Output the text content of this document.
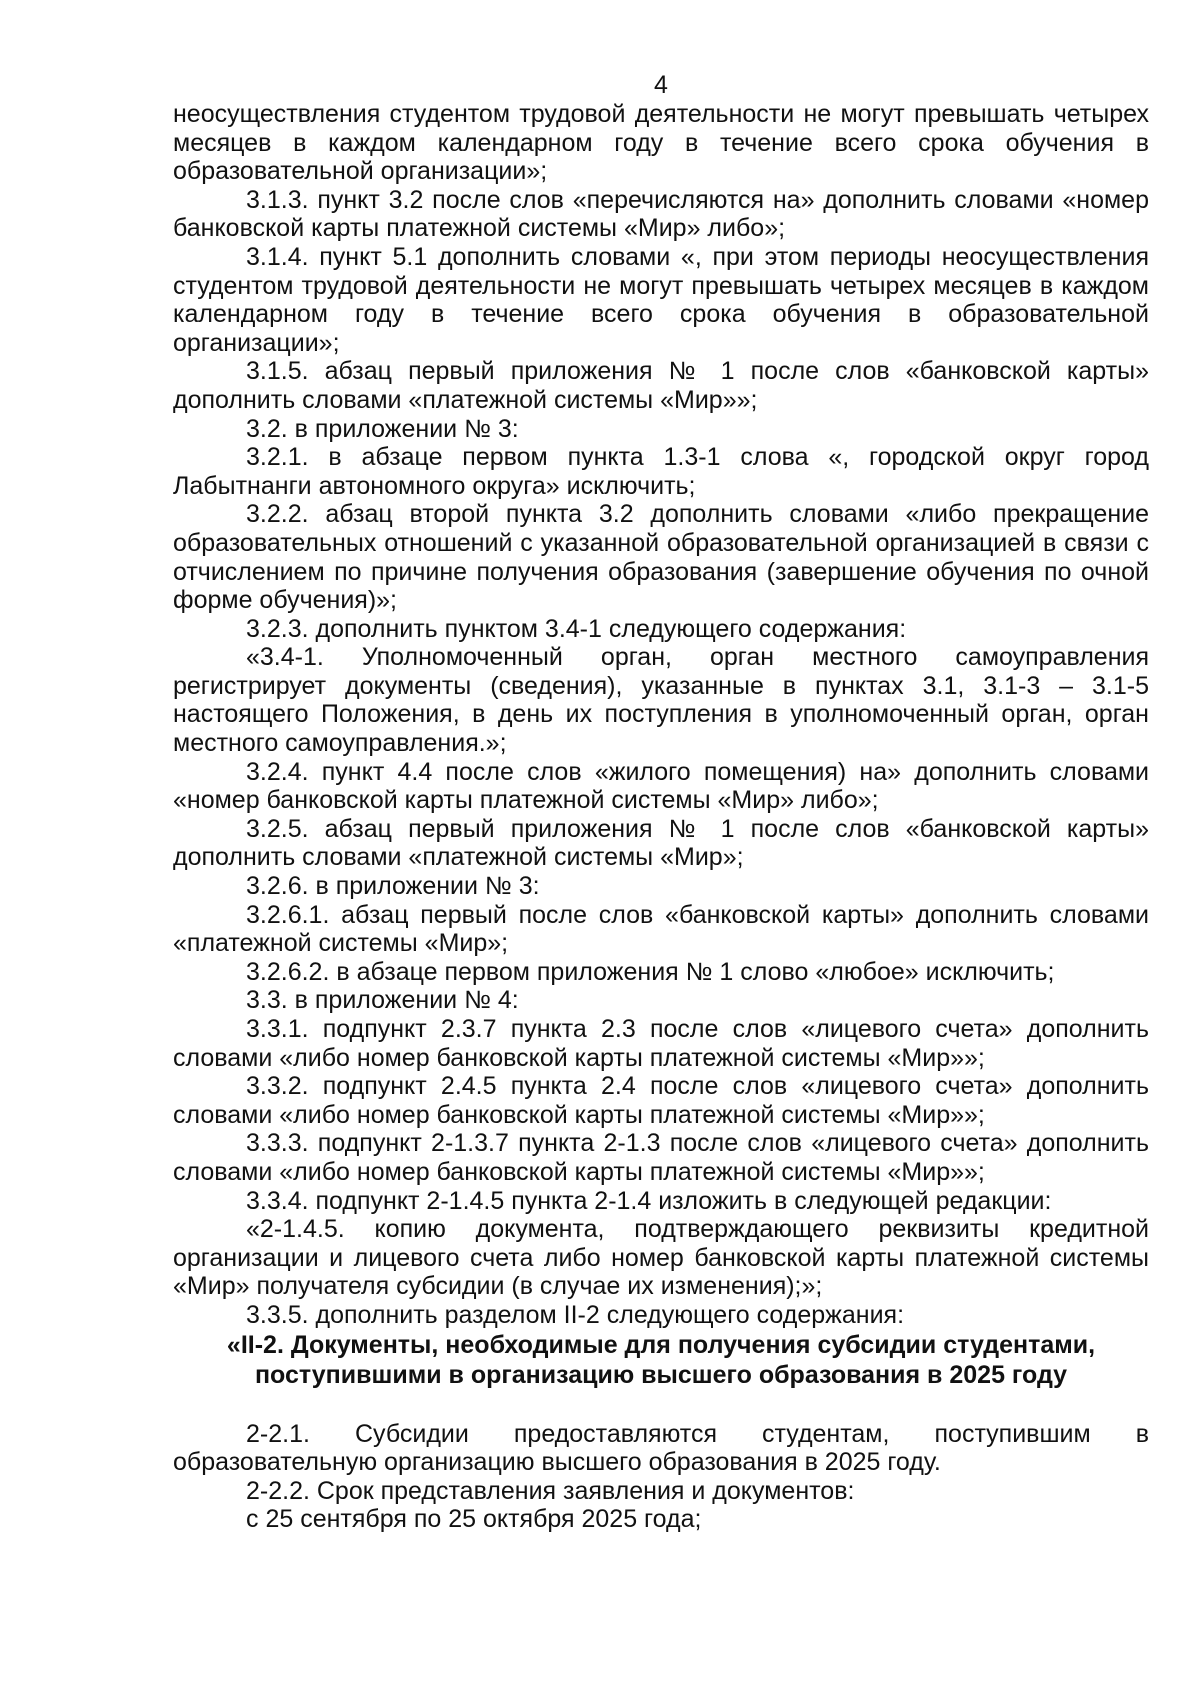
4

неосуществления студентом трудовой деятельности не могут превышать четырех месяцев в каждом календарном году в течение всего срока обучения в образовательной организации»;

3.1.3. пункт 3.2 после слов «перечисляются на» дополнить словами «номер банковской карты платежной системы «Мир» либо»;

3.1.4. пункт 5.1 дополнить словами «, при этом периоды неосуществления студентом трудовой деятельности не могут превышать четырех месяцев в каждом календарном году в течение всего срока обучения в образовательной организации»;

3.1.5. абзац первый приложения № 1 после слов «банковской карты» дополнить словами «платежной системы «Мир»»;

3.2. в приложении № 3:

3.2.1. в абзаце первом пункта 1.3-1 слова «, городской округ город Лабытнанги автономного округа» исключить;

3.2.2. абзац второй пункта 3.2 дополнить словами «либо прекращение образовательных отношений с указанной образовательной организацией в связи с отчислением по причине получения образования (завершение обучения по очной форме обучения)»;

3.2.3. дополнить пунктом 3.4-1 следующего содержания:

«3.4-1. Уполномоченный орган, орган местного самоуправления регистрирует документы (сведения), указанные в пунктах 3.1, 3.1-3 – 3.1-5 настоящего Положения, в день их поступления в уполномоченный орган, орган местного самоуправления.»;

3.2.4. пункт 4.4 после слов «жилого помещения) на» дополнить словами «номер банковской карты платежной системы «Мир» либо»;

3.2.5. абзац первый приложения № 1 после слов «банковской карты» дополнить словами «платежной системы «Мир»;

3.2.6. в приложении № 3:

3.2.6.1. абзац первый после слов «банковской карты» дополнить словами «платежной системы «Мир»;

3.2.6.2. в абзаце первом приложения № 1 слово «любое» исключить;

3.3. в приложении № 4:

3.3.1. подпункт 2.3.7 пункта 2.3 после слов «лицевого счета» дополнить словами «либо номер банковской карты платежной системы «Мир»»;

3.3.2. подпункт 2.4.5 пункта 2.4 после слов «лицевого счета» дополнить словами «либо номер банковской карты платежной системы «Мир»»;

3.3.3. подпункт 2-1.3.7 пункта 2-1.3 после слов «лицевого счета» дополнить словами «либо номер банковской карты платежной системы «Мир»»;

3.3.4. подпункт 2-1.4.5 пункта 2-1.4 изложить в следующей редакции:

«2-1.4.5. копию документа, подтверждающего реквизиты кредитной организации и лицевого счета либо номер банковской карты платежной системы «Мир» получателя субсидии (в случае их изменения);»;

3.3.5. дополнить разделом II-2 следующего содержания:

«II-2. Документы, необходимые для получения субсидии студентами,

поступившими в организацию высшего образования в 2025 году

2-2.1. Субсидии предоставляются студентам, поступившим в образовательную организацию высшего образования в 2025 году.

2-2.2. Срок представления заявления и документов:

с 25 сентября по 25 октября 2025 года;
